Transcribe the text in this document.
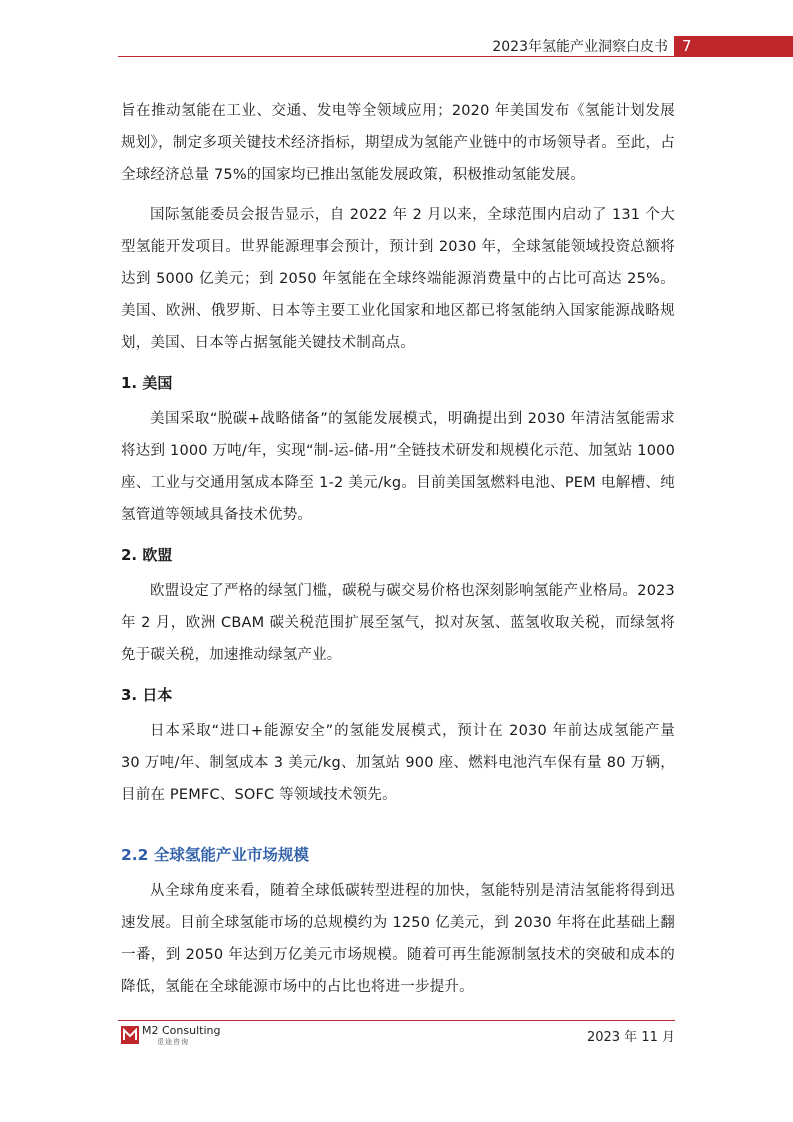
2023年氢能产业洞察白皮书 7

旨在推动氢能在工业、交通、发电等全领域应用；2020 年美国发布《氢能计划发展规划》，制定多项关键技术经济指标，期望成为氢能产业链中的市场领导者。至此，占全球经济总量 75%的国家均已推出氢能发展政策，积极推动氢能发展。

国际氢能委员会报告显示，自 2022 年 2 月以来，全球范围内启动了 131 个大型氢能开发项目。世界能源理事会预计，预计到 2030 年，全球氢能领域投资总额将达到 5000 亿美元；到 2050 年氢能在全球终端能源消费量中的占比可高达 25%。美国、欧洲、俄罗斯、日本等主要工业化国家和地区都已将氢能纳入国家能源战略规划，美国、日本等占据氢能关键技术制高点。

1. 美国

美国采取“脱碳+战略储备”的氢能发展模式，明确提出到 2030 年清洁氢能需求将达到 1000 万吨/年，实现“制-运-储-用”全链技术研发和规模化示范、加氢站 1000 座、工业与交通用氢成本降至 1-2 美元/kg。目前美国氢燃料电池、PEM 电解槽、纯氢管道等领域具备技术优势。

2. 欧盟

欧盟设定了严格的绿氢门槛，碳税与碳交易价格也深刻影响氢能产业格局。2023 年 2 月，欧洲 CBAM 碳关税范围扩展至氢气，拟对灰氢、蓝氢收取关税，而绿氢将免于碳关税，加速推动绿氢产业。

3. 日本

日本采取“进口+能源安全”的氢能发展模式，预计在 2030 年前达成氢能产量 30 万吨/年、制氢成本 3 美元/kg、加氢站 900 座、燃料电池汽车保有量 80 万辆，目前在 PEMFC、SOFC 等领域技术领先。

2.2 全球氢能产业市场规模

从全球角度来看，随着全球低碳转型进程的加快，氢能特别是清洁氢能将得到迅速发展。目前全球氢能市场的总规模约为 1250 亿美元，到 2030 年将在此基础上翻一番，到 2050 年达到万亿美元市场规模。随着可再生能源制氢技术的突破和成本的降低，氢能在全球能源市场中的占比也将进一步提升。

M2 Consulting
觅途咨询	2023 年 11 月
